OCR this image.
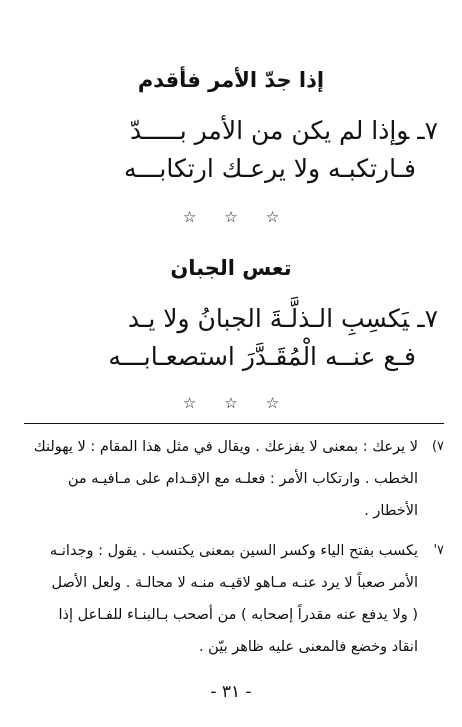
إذا جدّ الأمر فأقدم
٧ـوإذا لم يكن من الأمر بـــــدّ
فـارتكبـه ولا يرعـك ارتكابـــه
☆☆☆
تعس الجبان
٧ـيَكسِبِ الـذلَّـةَ الجبانُ ولا يـد
فـع عنــه الْمُقَـدَّرَ استصعـابـــه
☆☆☆
٧)
لا يرعك : بمعنى لا يفزعك . ويقال في مثل هذا المقام : لا يهولنك
الخطب . وارتكاب الأمر : فعلـه مع الإقـدام على مـافيـه من
الأخطار .
٧'
يكسب بفتح الياء وكسر السين بمعنى يكتسب . يقول : وجدانـه
الأمر صعباً لا يرد عنـه مـاهو لاقيـه منـه لا محالـة . ولعل الأصل
( ولا يدفع عنه مقدراً إصحابه ) من أصحب بـالبنـاء للفـاعل إذا
انقاد وخضع فالمعنى عليه ظاهر بيّن .
- ٣١ -
